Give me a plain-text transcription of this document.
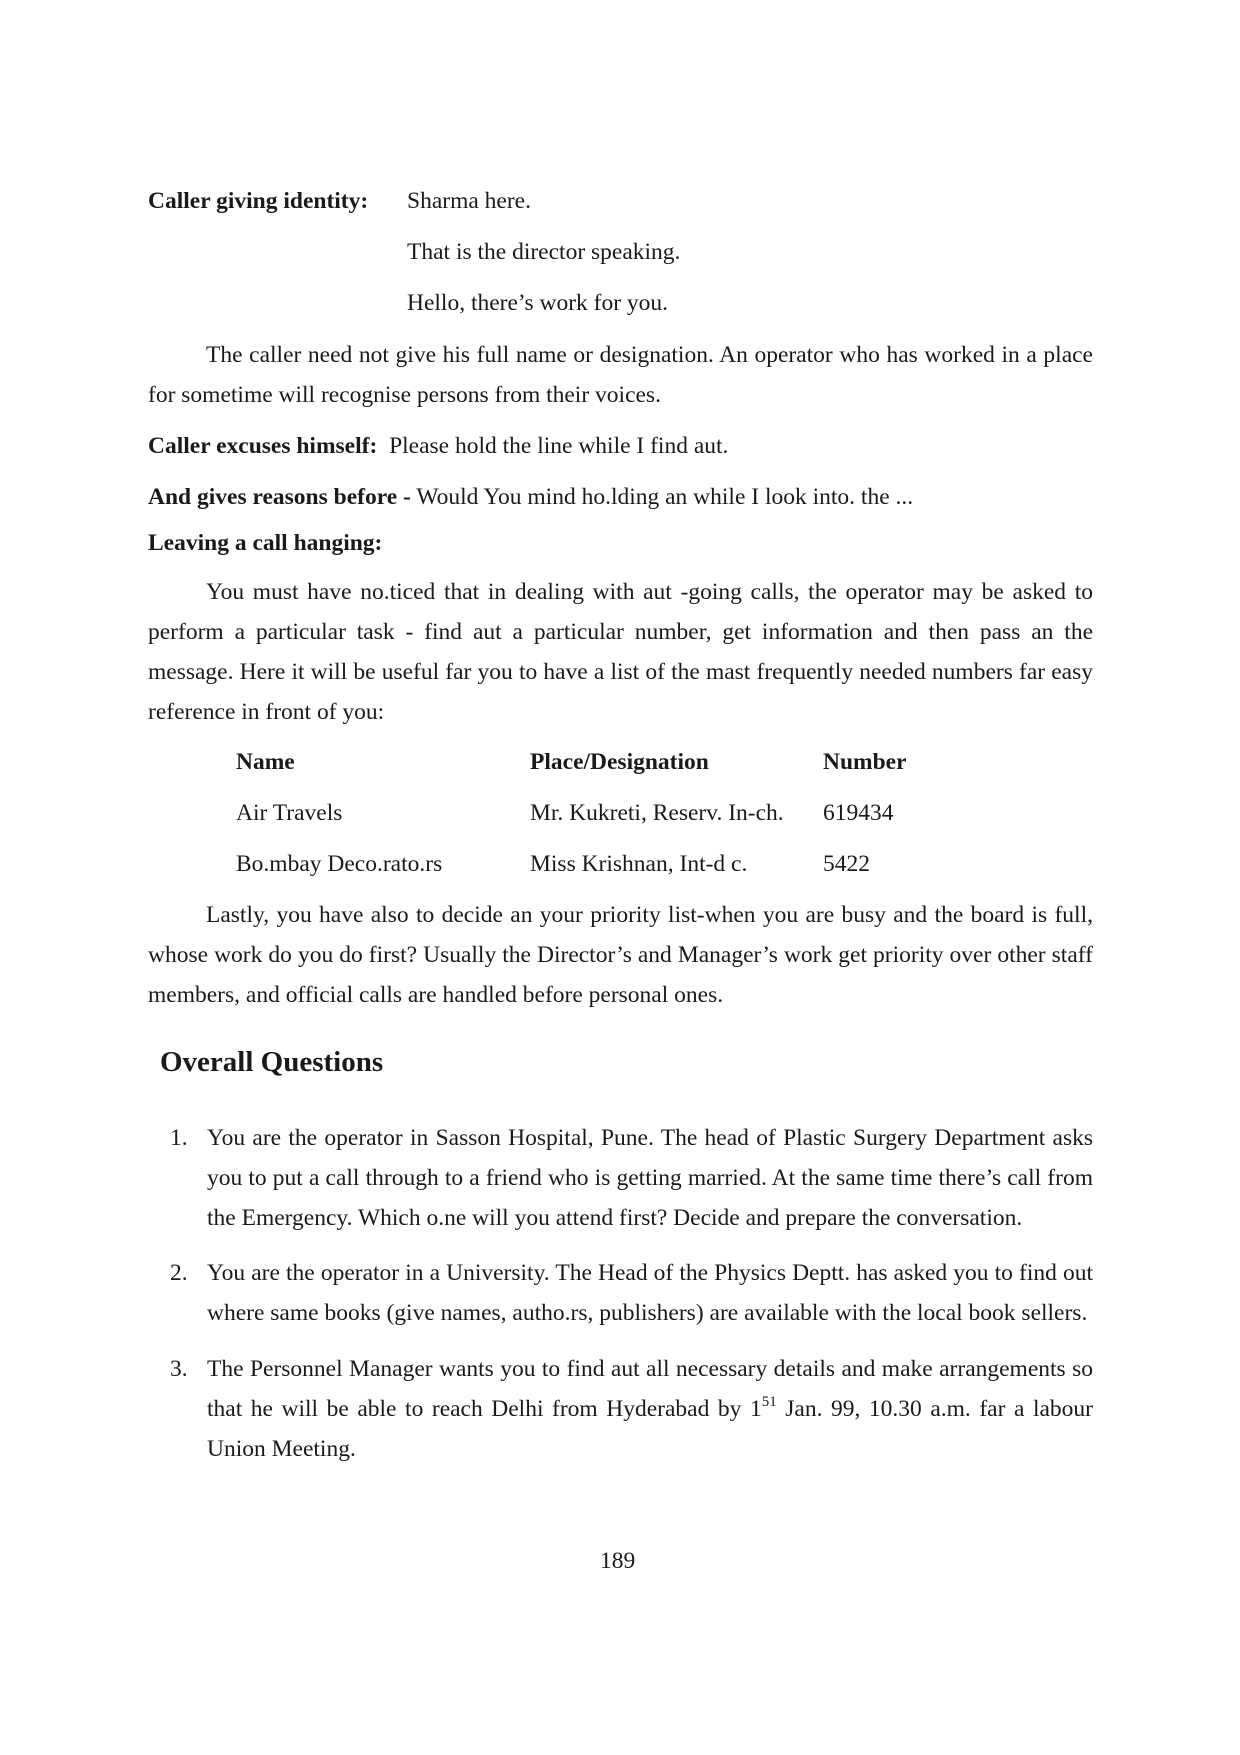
Caller giving identity: Sharma here.
That is the director speaking.
Hello, there’s work for you.
The caller need not give his full name or designation. An operator who has worked in a place for sometime will recognise persons from their voices.
Caller excuses himself: Please hold the line while I find aut.
And gives reasons before - Would You mind ho.lding an while I look into. the ...
Leaving a call hanging:
You must have no.ticed that in dealing with aut -going calls, the operator may be asked to perform a particular task - find aut a particular number, get information and then pass an the message. Here it will be useful far you to have a list of the mast frequently needed numbers far easy reference in front of you:
Name	Place/Designation	Number
Air Travels	Mr. Kukreti, Reserv. In-ch. 619434
Bo.mbay Deco.rato.rs	Miss Krishnan, Int-d c.	5422
Lastly, you have also to decide an your priority list-when you are busy and the board is full, whose work do you do first? Usually the Director’s and Manager’s work get priority over other staff members, and official calls are handled before personal ones.
Overall Questions
1. You are the operator in Sasson Hospital, Pune. The head of Plastic Surgery Department asks you to put a call through to a friend who is getting married. At the same time there’s call from the Emergency. Which o.ne will you attend first? Decide and prepare the conversation.
2. You are the operator in a University. The Head of the Physics Deptt. has asked you to find out where same books (give names, autho.rs, publishers) are available with the local book sellers.
3. The Personnel Manager wants you to find aut all necessary details and make arrangements so that he will be able to reach Delhi from Hyderabad by $1^{51}$ Jan. 99, 10.30 a.m. far a labour Union Meeting.
189
